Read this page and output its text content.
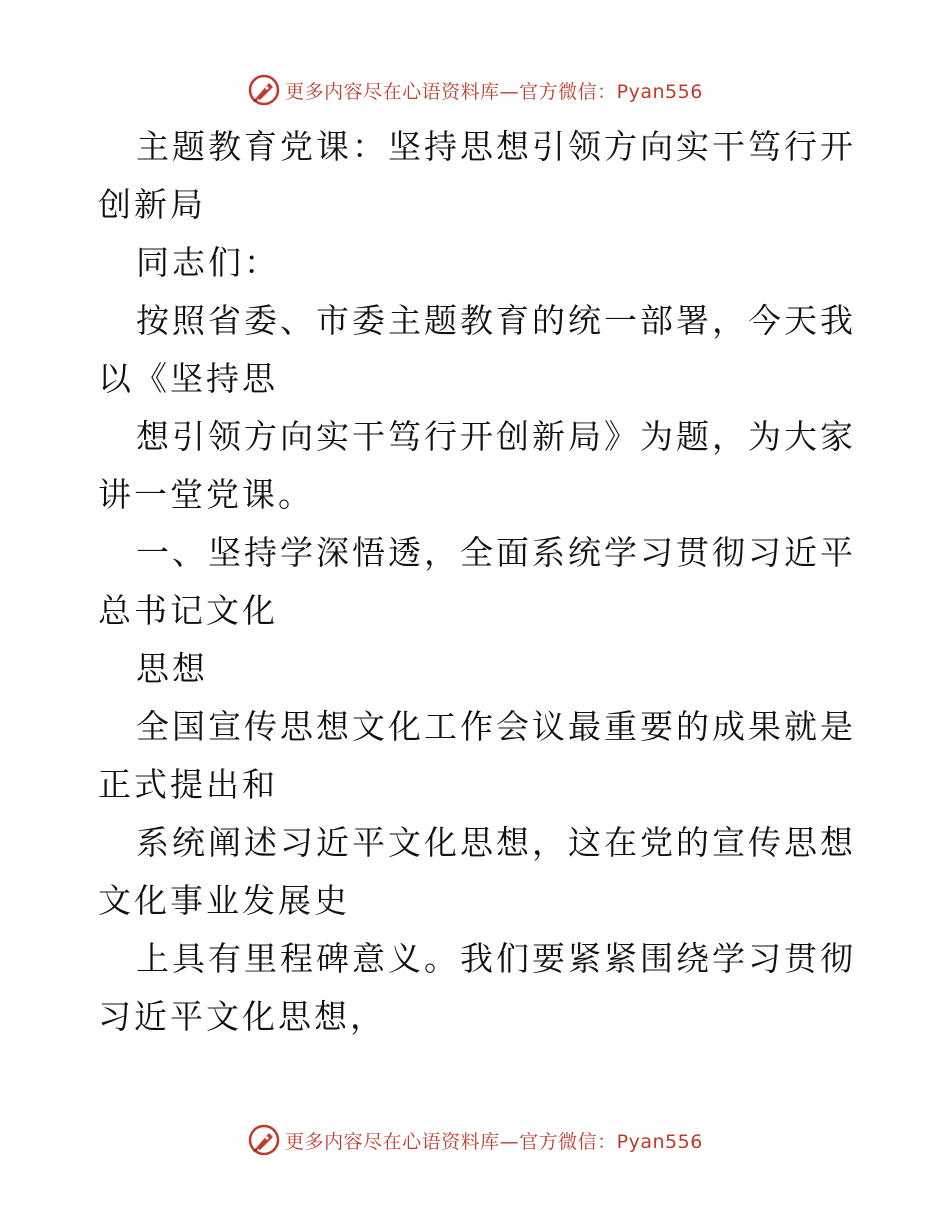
更多内容尽在心语资料库—官方微信：Pyan556

主题教育党课：坚持思想引领方向实干笃行开创新局

同志们：

按照省委、市委主题教育的统一部署，今天我以《坚持思

想引领方向实干笃行开创新局》为题，为大家讲一堂党课。

一、坚持学深悟透，全面系统学习贯彻习近平总书记文化

思想

全国宣传思想文化工作会议最重要的成果就是正式提出和

系统阐述习近平文化思想，这在党的宣传思想文化事业发展史

上具有里程碑意义。我们要紧紧围绕学习贯彻习近平文化思想，

更多内容尽在心语资料库—官方微信：Pyan556
